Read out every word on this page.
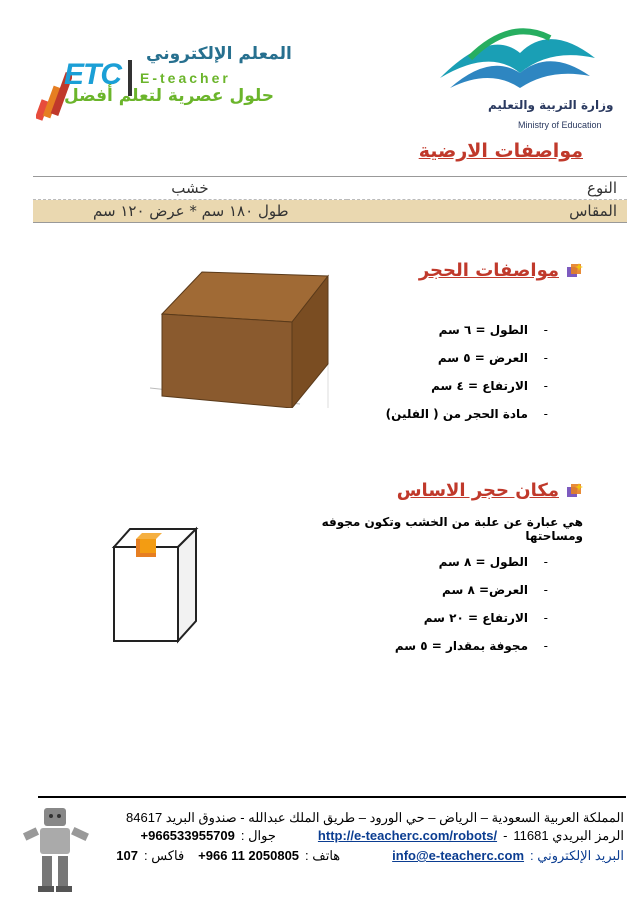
ETC
المعلم الإلكتروني
E-teacher
حلول عصرية لتعلم أفضل	وزارة التربية والتعليم
Ministry of Education
مواصفات الارضية
النوع	خشب
المقاس	طول ١٨٠ سم * عرض ١٢٠ سم
مواصفات الحجر
-
الطول = ٦ سم
-
العرض = ٥ سم
-
الارتفاع = ٤ سم
-
مادة الحجر من ( الفلين)
مكان حجر الاساس
هي عبارة عن علبة من الخشب وتكون مجوفه ومساحتها
-
الطول = ٨ سم
-
العرض= ٨ سم
-
الارتفاع = ٢٠ سم
-
مجوفة بمقدار = ٥ سم
المملكة العربية السعودية – الرياض – حي الورود – طريق الملك عبدالله - صندوق البريد 84617
الرمز البريدي 11681
-
http://e-teacherc.com/robots/
جوال :
+966533955709
البريد الإلكتروني :
info@e-teacherc.com
هاتف :
+966 11 2050805
فاكس :
107
